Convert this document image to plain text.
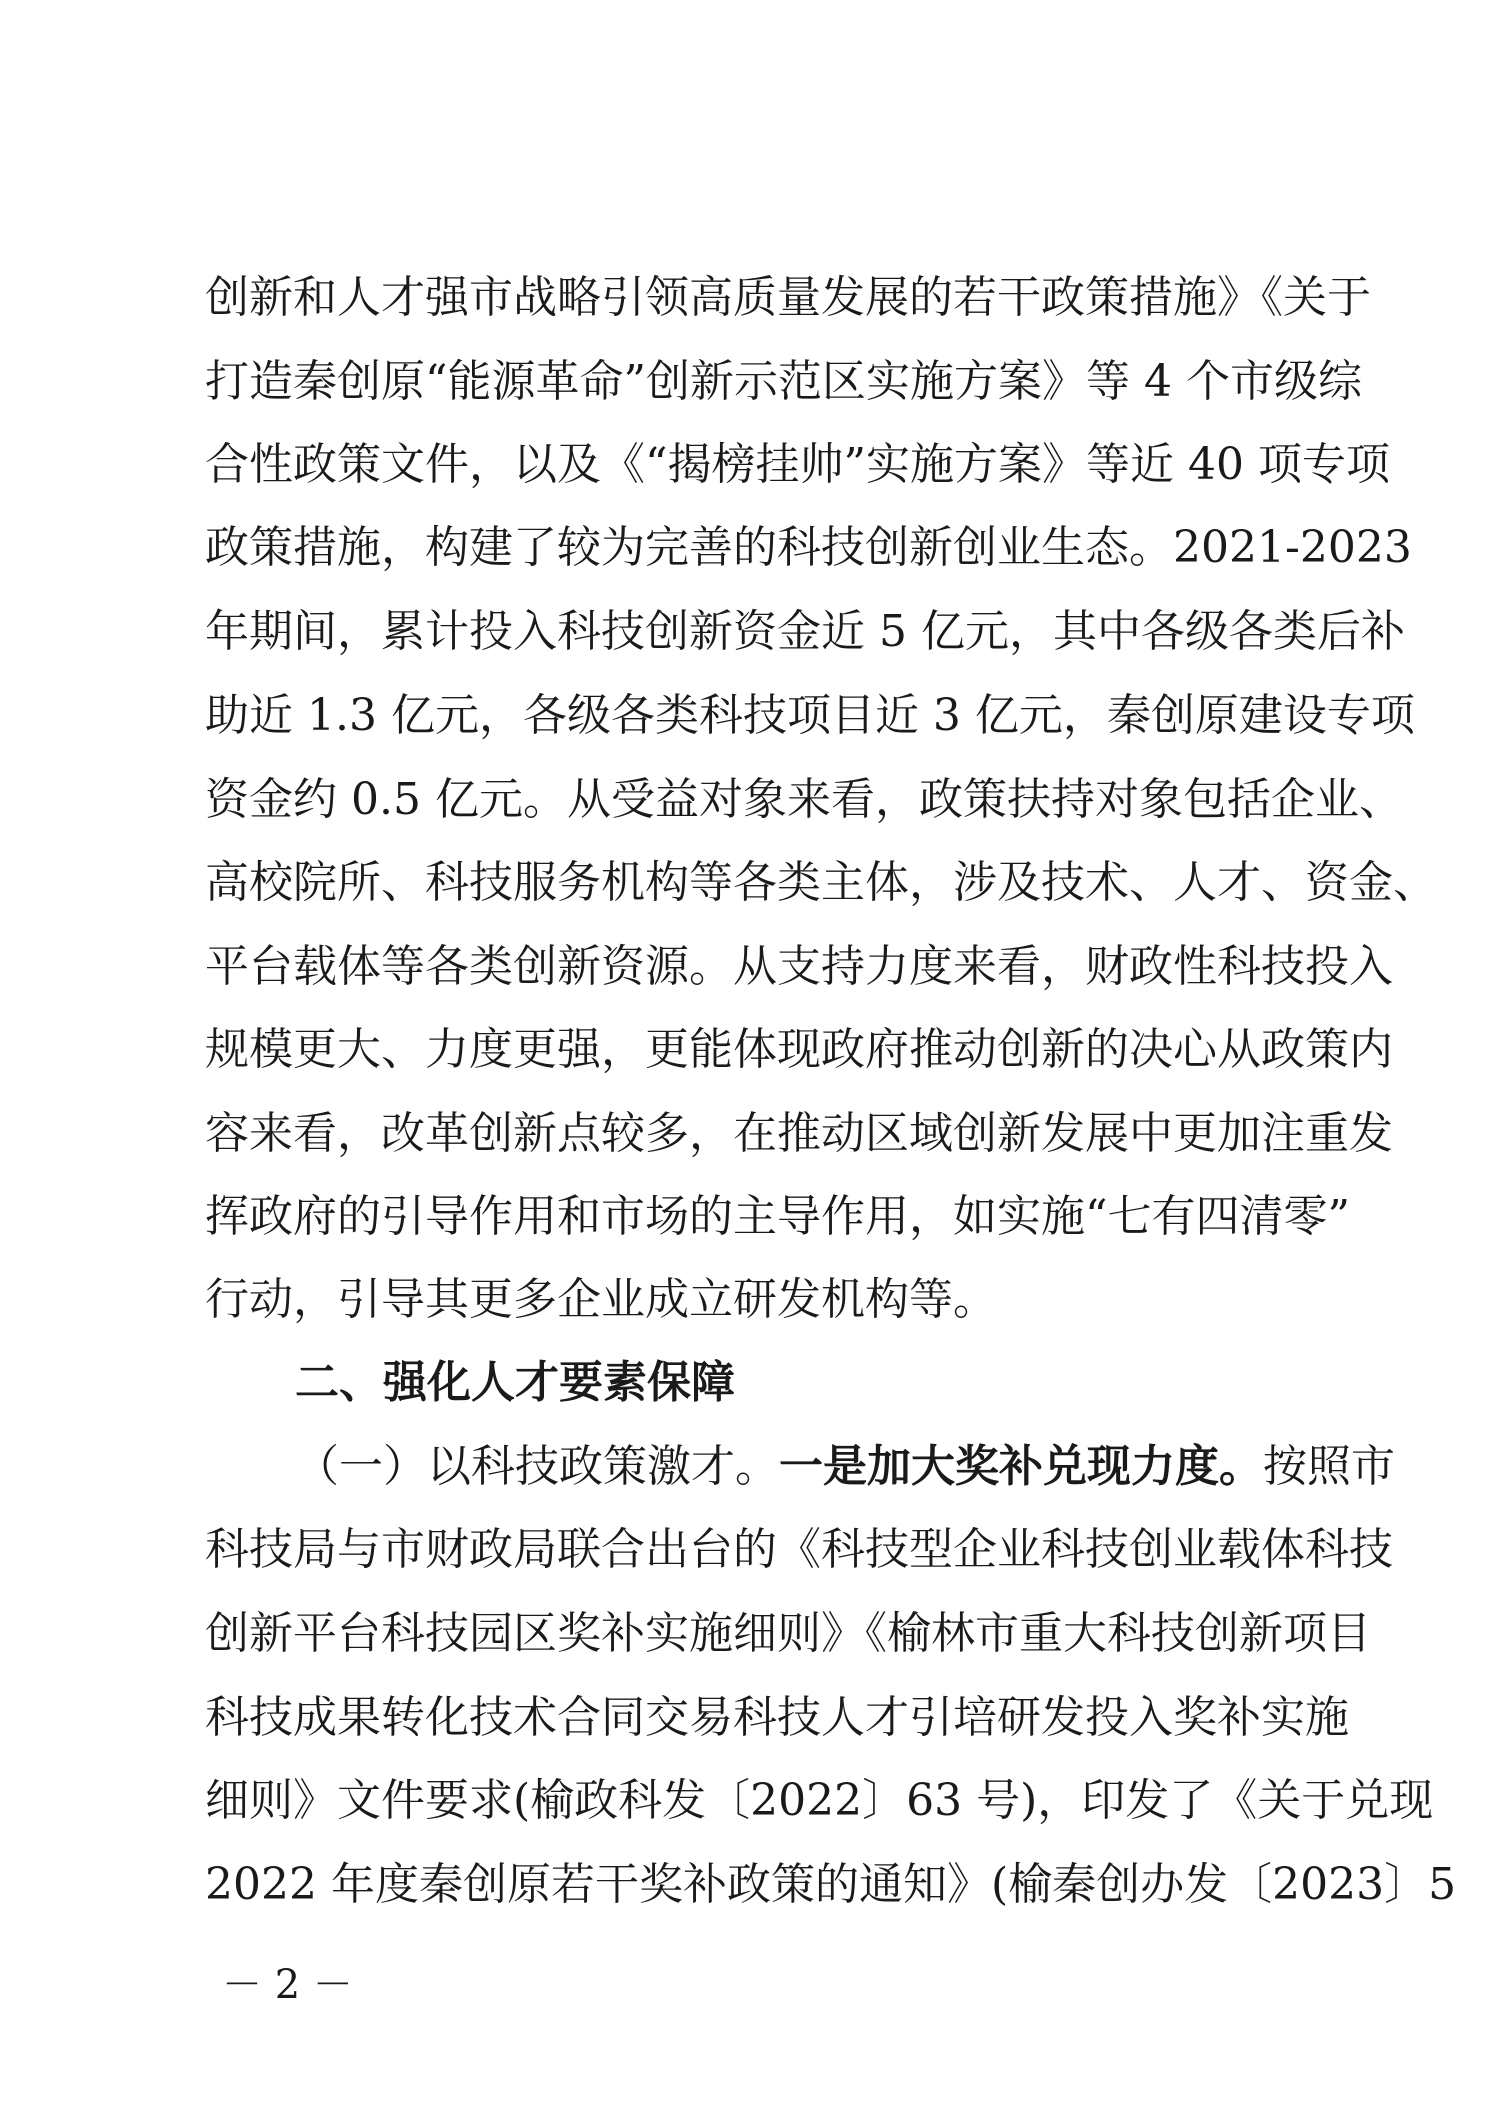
创新和人才强市战略引领高质量发展的若干政策措施》《关于
打造秦创原“能源革命”创新示范区实施方案》等 4 个市级综
合性政策文件，以及《“揭榜挂帅”实施方案》等近 40 项专项
政策措施，构建了较为完善的科技创新创业生态。2021-2023
年期间，累计投入科技创新资金近 5 亿元，其中各级各类后补
助近 1.3 亿元，各级各类科技项目近 3 亿元，秦创原建设专项
资金约 0.5 亿元。从受益对象来看，政策扶持对象包括企业、
高校院所、科技服务机构等各类主体，涉及技术、人才、资金、
平台载体等各类创新资源。从支持力度来看，财政性科技投入
规模更大、力度更强，更能体现政府推动创新的决心从政策内
容来看，改革创新点较多，在推动区域创新发展中更加注重发
挥政府的引导作用和市场的主导作用，如实施“七有四清零”
行动，引导其更多企业成立研发机构等。
二、强化人才要素保障
（一）以科技政策激才。一是加大奖补兑现力度。按照市
科技局与市财政局联合出台的《科技型企业科技创业载体科技
创新平台科技园区奖补实施细则》《榆林市重大科技创新项目
科技成果转化技术合同交易科技人才引培研发投入奖补实施
细则》文件要求(榆政科发〔2022〕63 号)，印发了《关于兑现
2022 年度秦创原若干奖补政策的通知》(榆秦创办发〔2023〕5
－ 2 －
